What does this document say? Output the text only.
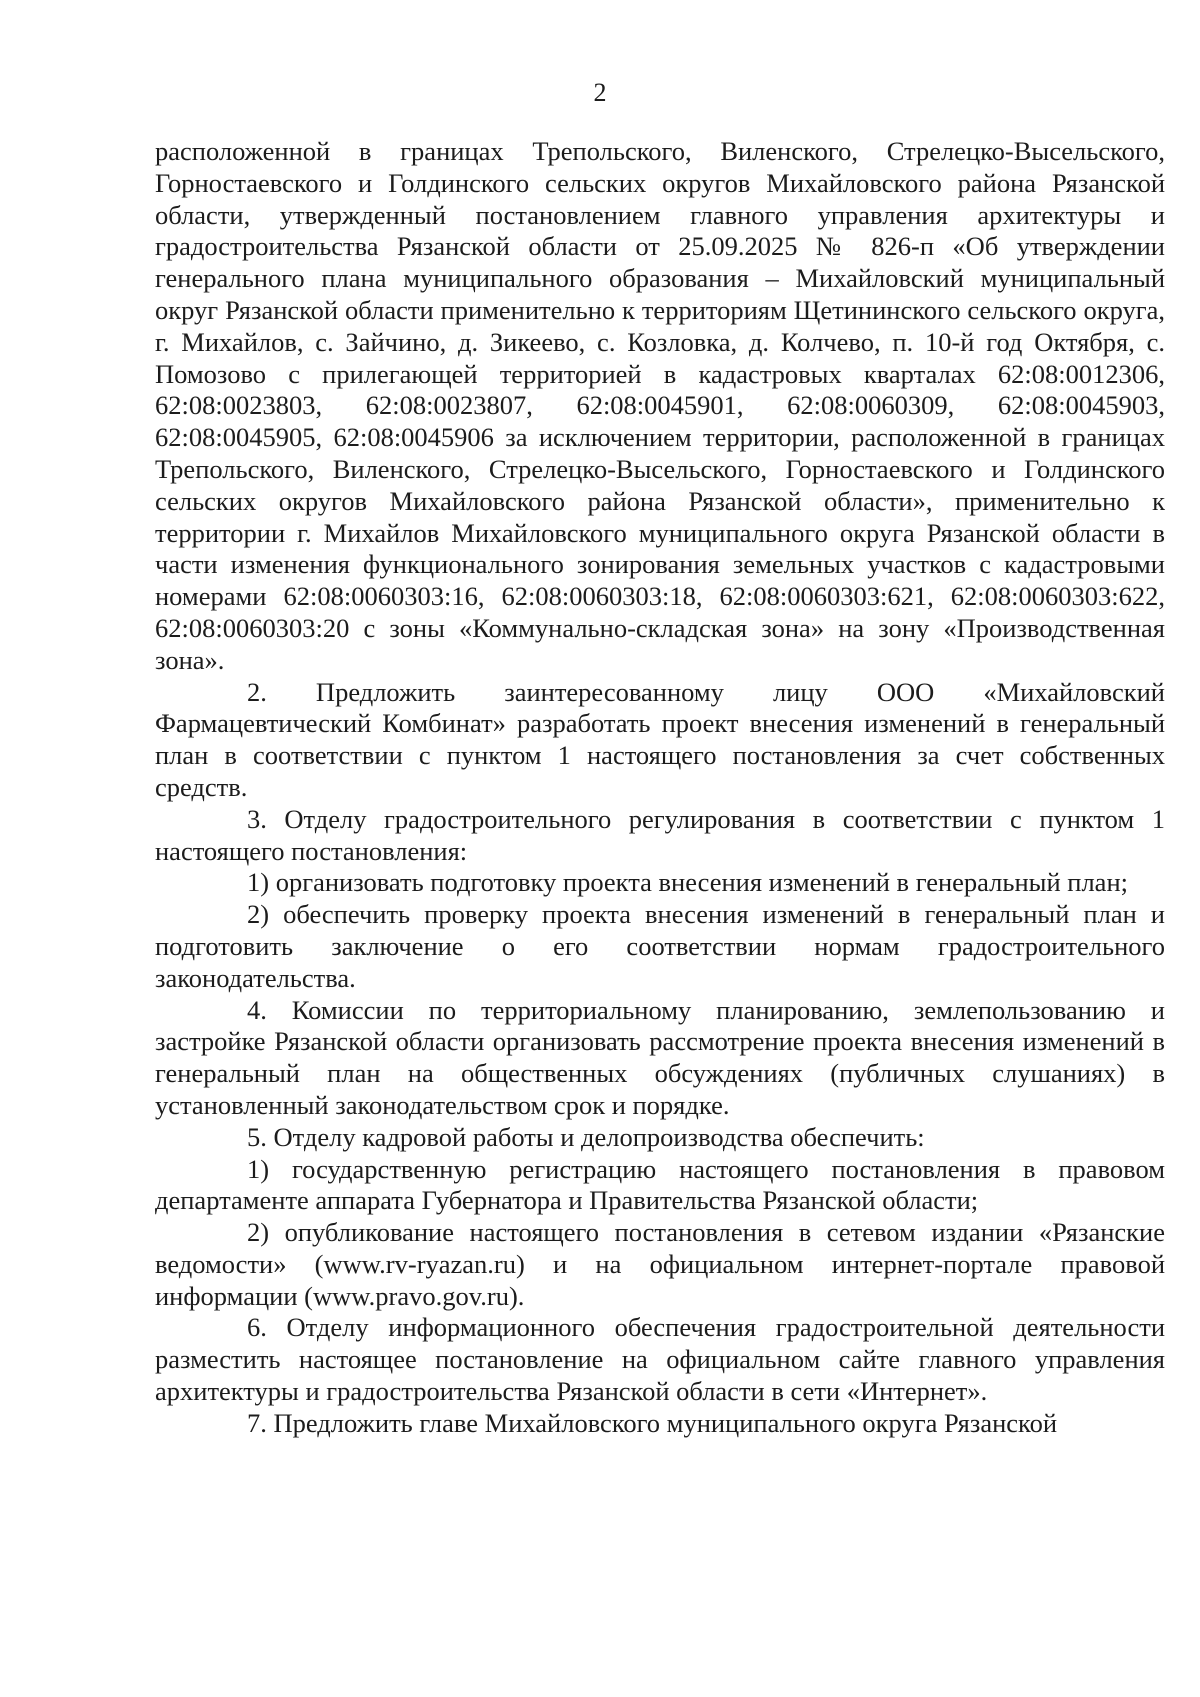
2

расположенной в границах Трепольского, Виленского, Стрелецко-Высельского, Горностаевского и Голдинского сельских округов Михайловского района Рязанской области, утвержденный постановлением главного управления архитектуры и градостроительства Рязанской области от 25.09.2025 № 826-п «Об утверждении генерального плана муниципального образования – Михайловский муниципальный округ Рязанской области применительно к территориям Щетининского сельского округа, г. Михайлов, с. Зайчино, д. Зикеево, с. Козловка, д. Колчево, п. 10-й год Октября, с. Помозово с прилегающей территорией в кадастровых кварталах 62:08:0012306, 62:08:0023803, 62:08:0023807, 62:08:0045901, 62:08:0060309, 62:08:0045903, 62:08:0045905, 62:08:0045906 за исключением территории, расположенной в границах Трепольского, Виленского, Стрелецко-Высельского, Горностаевского и Голдинского сельских округов Михайловского района Рязанской области», применительно к территории г. Михайлов Михайловского муниципального округа Рязанской области в части изменения функционального зонирования земельных участков с кадастровыми номерами 62:08:0060303:16, 62:08:0060303:18, 62:08:0060303:621, 62:08:0060303:622, 62:08:0060303:20 с зоны «Коммунально-складская зона» на зону «Производственная зона».

2. Предложить заинтересованному лицу ООО «Михайловский Фармацевтический Комбинат» разработать проект внесения изменений в генеральный план в соответствии с пунктом 1 настоящего постановления за счет собственных средств.

3. Отделу градостроительного регулирования в соответствии с пунктом 1 настоящего постановления:

1) организовать подготовку проекта внесения изменений в генеральный план;

2) обеспечить проверку проекта внесения изменений в генеральный план и подготовить заключение о его соответствии нормам градостроительного законодательства.

4. Комиссии по территориальному планированию, землепользованию и застройке Рязанской области организовать рассмотрение проекта внесения изменений в генеральный план на общественных обсуждениях (публичных слушаниях) в установленный законодательством срок и порядке.

5. Отделу кадровой работы и делопроизводства обеспечить:

1) государственную регистрацию настоящего постановления в правовом департаменте аппарата Губернатора и Правительства Рязанской области;

2) опубликование настоящего постановления в сетевом издании «Рязанские ведомости» (www.rv-ryazan.ru) и на официальном интернет-портале правовой информации (www.pravo.gov.ru).

6. Отделу информационного обеспечения градостроительной деятельности разместить настоящее постановление на официальном сайте главного управления архитектуры и градостроительства Рязанской области в сети «Интернет».

7. Предложить главе Михайловского муниципального округа Рязанской
